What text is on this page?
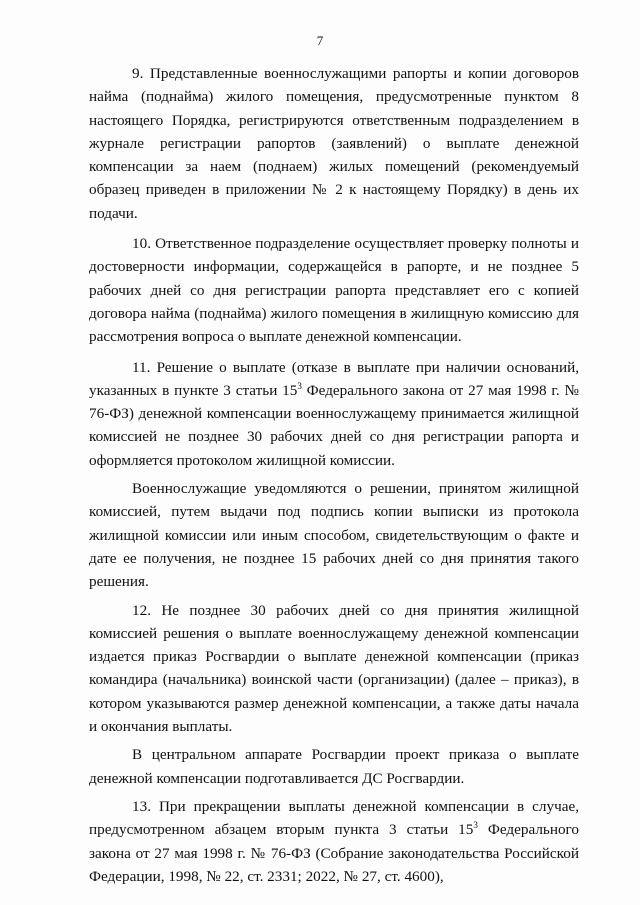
7

9. Представленные военнослужащими рапорты и копии договоров найма (поднайма) жилого помещения, предусмотренные пунктом 8 настоящего Порядка, регистрируются ответственным подразделением в журнале регистрации рапортов (заявлений) о выплате денежной компенсации за наем (поднаем) жилых помещений (рекомендуемый образец приведен в приложении № 2 к настоящему Порядку) в день их подачи.

10. Ответственное подразделение осуществляет проверку полноты и достоверности информации, содержащейся в рапорте, и не позднее 5 рабочих дней со дня регистрации рапорта представляет его с копией договора найма (поднайма) жилого помещения в жилищную комиссию для рассмотрения вопроса о выплате денежной компенсации.

11. Решение о выплате (отказе в выплате при наличии оснований, указанных в пункте 3 статьи $15^3$ Федерального закона от 27 мая 1998 г. № 76-ФЗ) денежной компенсации военнослужащему принимается жилищной комиссией не позднее 30 рабочих дней со дня регистрации рапорта и оформляется протоколом жилищной комиссии.

Военнослужащие уведомляются о решении, принятом жилищной комиссией, путем выдачи под подпись копии выписки из протокола жилищной комиссии или иным способом, свидетельствующим о факте и дате ее получения, не позднее 15 рабочих дней со дня принятия такого решения.

12. Не позднее 30 рабочих дней со дня принятия жилищной комиссией решения о выплате военнослужащему денежной компенсации издается приказ Росгвардии о выплате денежной компенсации (приказ командира (начальника) воинской части (организации) (далее – приказ), в котором указываются размер денежной компенсации, а также даты начала и окончания выплаты.

В центральном аппарате Росгвардии проект приказа о выплате денежной компенсации подготавливается ДС Росгвардии.

13. При прекращении выплаты денежной компенсации в случае, предусмотренном абзацем вторым пункта 3 статьи $15^3$ Федерального закона от 27 мая 1998 г. № 76-ФЗ (Собрание законодательства Российской Федерации, 1998, № 22, ст. 2331; 2022, № 27, ст. 4600),
